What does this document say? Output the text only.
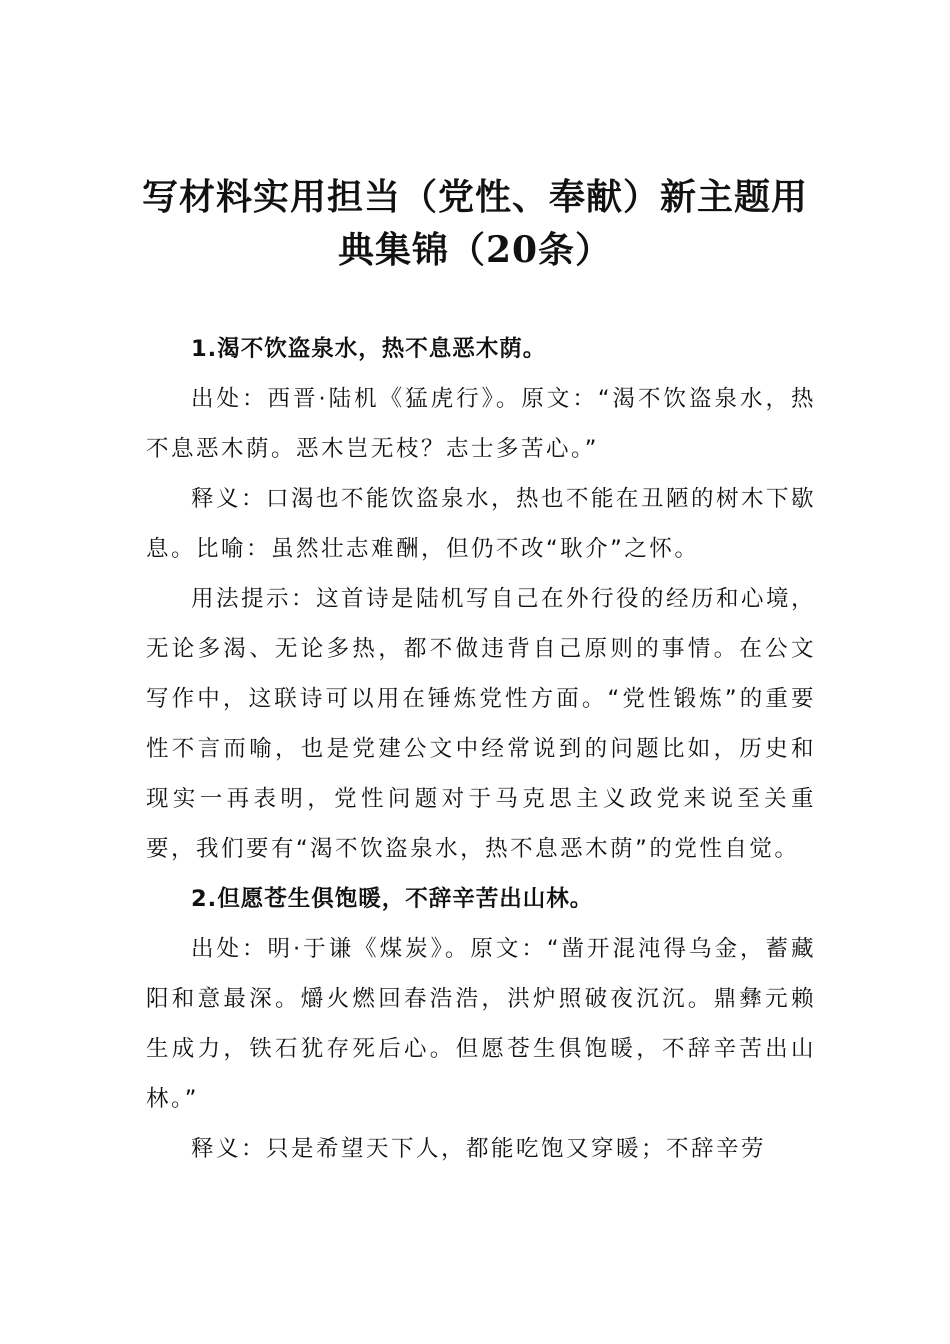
写材料实用担当（党性、奉献）新主题用
典集锦（20条）

1.渴不饮盗泉水，热不息恶木荫。

出处：西晋·陆机《猛虎行》。原文：“渴不饮盗泉水，热不息恶木荫。恶木岂无枝？志士多苦心。”

释义：口渴也不能饮盗泉水，热也不能在丑陋的树木下歇息。比喻：虽然壮志难酬，但仍不改“耿介”之怀。

用法提示：这首诗是陆机写自己在外行役的经历和心境，无论多渴、无论多热，都不做违背自己原则的事情。在公文写作中，这联诗可以用在锤炼党性方面。“党性锻炼”的重要性不言而喻，也是党建公文中经常说到的问题比如，历史和现实一再表明，党性问题对于马克思主义政党来说至关重要，我们要有“渴不饮盗泉水，热不息恶木荫”的党性自觉。

2.但愿苍生俱饱暖，不辞辛苦出山林。

出处：明·于谦《煤炭》。原文：“凿开混沌得乌金，蓄藏阳和意最深。爝火燃回春浩浩，洪炉照破夜沉沉。鼎彝元赖生成力，铁石犹存死后心。但愿苍生俱饱暖，不辞辛苦出山林。”

释义：只是希望天下人，都能吃饱又穿暖；不辞辛劳
